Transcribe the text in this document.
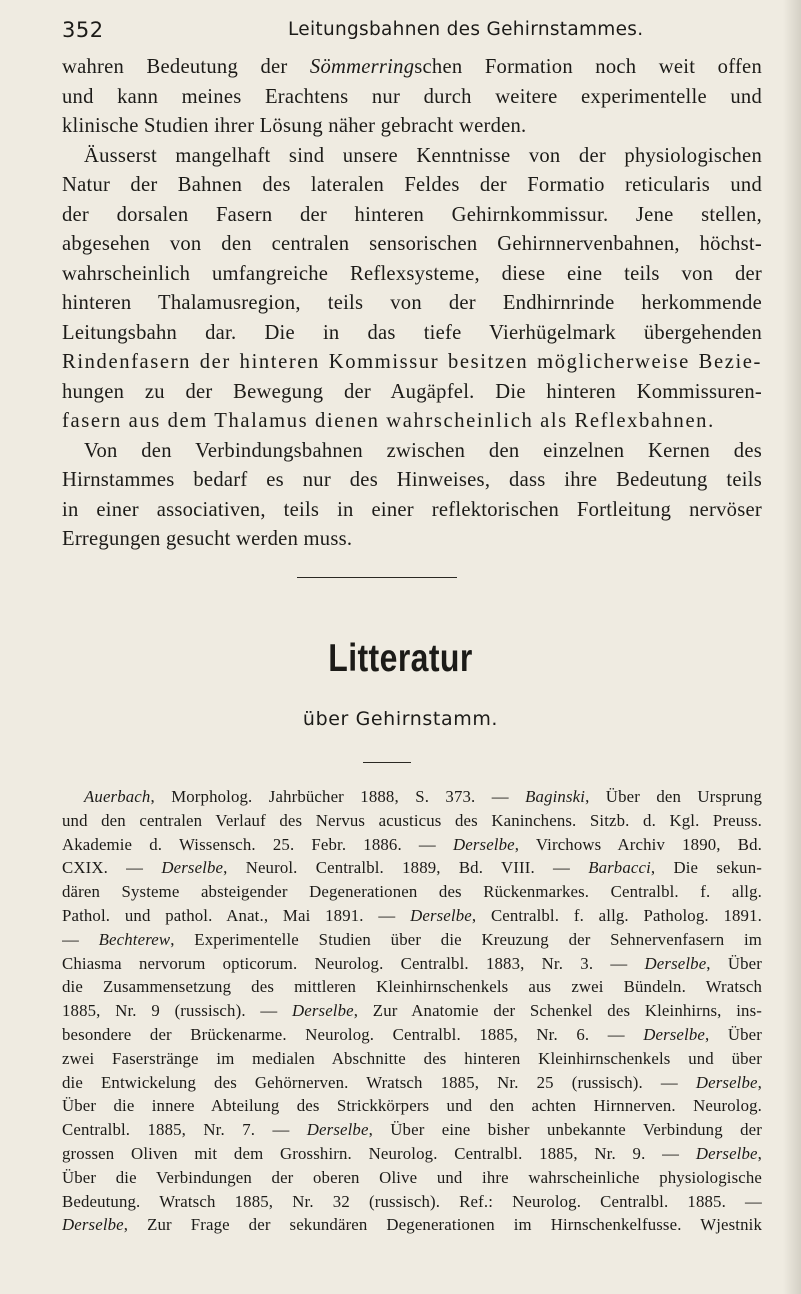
352	Leitungsbahnen des Gehirnstammes.
wahren Bedeutung der Sömmerringschen Formation noch weit offen
und kann meines Erachtens nur durch weitere experimentelle und
klinische Studien ihrer Lösung näher gebracht werden.
Äusserst mangelhaft sind unsere Kenntnisse von der physiologischen
Natur der Bahnen des lateralen Feldes der Formatio reticularis und
der dorsalen Fasern der hinteren Gehirnkommissur. Jene stellen,
abgesehen von den centralen sensorischen Gehirnnervenbahnen, höchst-
wahrscheinlich umfangreiche Reflexsysteme, diese eine teils von der
hinteren Thalamusregion, teils von der Endhirnrinde herkommende
Leitungsbahn dar. Die in das tiefe Vierhügelmark übergehenden
Rindenfasern der hinteren Kommissur besitzen möglicherweise Bezie-
hungen zu der Bewegung der Augäpfel. Die hinteren Kommissuren-
fasern aus dem Thalamus dienen wahrscheinlich als Reflexbahnen.
Von den Verbindungsbahnen zwischen den einzelnen Kernen des
Hirnstammes bedarf es nur des Hinweises, dass ihre Bedeutung teils
in einer associativen, teils in einer reflektorischen Fortleitung nervöser
Erregungen gesucht werden muss.
Litteratur
über Gehirnstamm.
Auerbach, Morpholog. Jahrbücher 1888, S. 373. — Baginski, Über den Ursprung
und den centralen Verlauf des Nervus acusticus des Kaninchens. Sitzb. d. Kgl. Preuss.
Akademie d. Wissensch. 25. Febr. 1886. — Derselbe, Virchows Archiv 1890, Bd.
CXIX. — Derselbe, Neurol. Centralbl. 1889, Bd. VIII. — Barbacci, Die sekun-
dären Systeme absteigender Degenerationen des Rückenmarkes. Centralbl. f. allg.
Pathol. und pathol. Anat., Mai 1891. — Derselbe, Centralbl. f. allg. Patholog. 1891.
— Bechterew, Experimentelle Studien über die Kreuzung der Sehnervenfasern im
Chiasma nervorum opticorum. Neurolog. Centralbl. 1883, Nr. 3. — Derselbe, Über
die Zusammensetzung des mittleren Kleinhirnschenkels aus zwei Bündeln. Wratsch
1885, Nr. 9 (russisch). — Derselbe, Zur Anatomie der Schenkel des Kleinhirns, ins-
besondere der Brückenarme. Neurolog. Centralbl. 1885, Nr. 6. — Derselbe, Über
zwei Faserstränge im medialen Abschnitte des hinteren Kleinhirnschenkels und über
die Entwickelung des Gehörnerven. Wratsch 1885, Nr. 25 (russisch). — Derselbe,
Über die innere Abteilung des Strickkörpers und den achten Hirnnerven. Neurolog.
Centralbl. 1885, Nr. 7. — Derselbe, Über eine bisher unbekannte Verbindung der
grossen Oliven mit dem Grosshirn. Neurolog. Centralbl. 1885, Nr. 9. — Derselbe,
Über die Verbindungen der oberen Olive und ihre wahrscheinliche physiologische
Bedeutung. Wratsch 1885, Nr. 32 (russisch). Ref.: Neurolog. Centralbl. 1885. —
Derselbe, Zur Frage der sekundären Degenerationen im Hirnschenkelfusse. Wjestnik
